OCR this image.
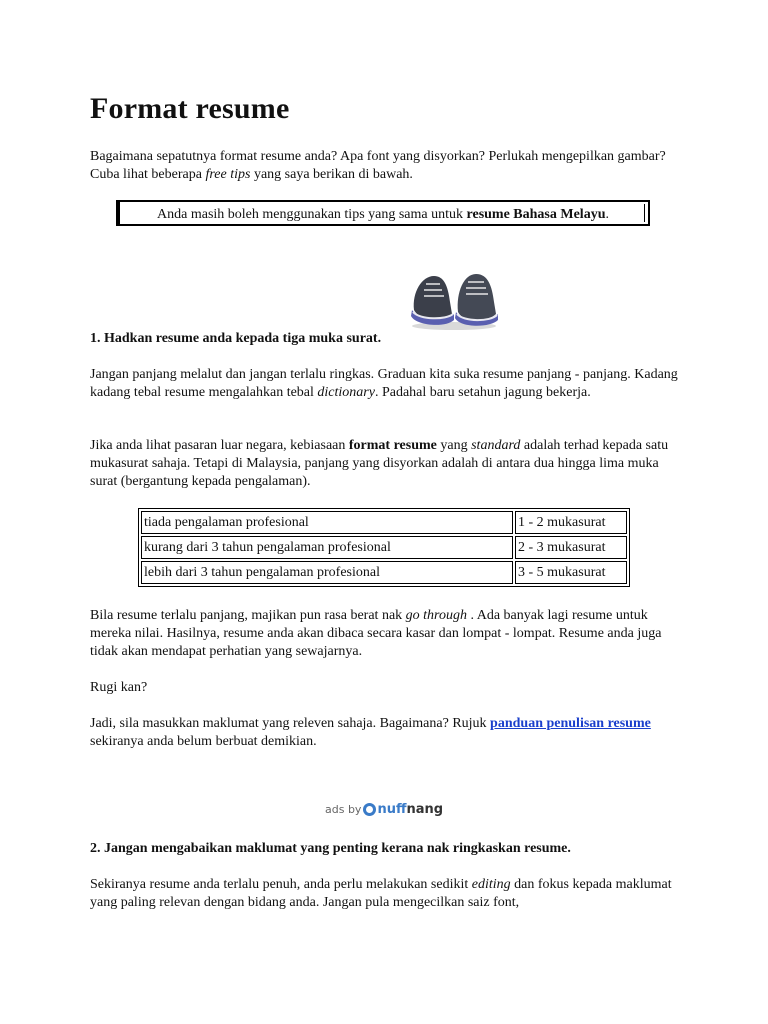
Format resume

Bagaimana sepatutnya format resume anda? Apa font yang disyorkan? Perlukah mengepilkan gambar? Cuba lihat beberapa free tips yang saya berikan di bawah.

Anda masih boleh menggunakan tips yang sama untuk resume Bahasa Melayu.
1. Hadkan resume anda kepada tiga muka surat.

Jangan panjang melalut dan jangan terlalu ringkas. Graduan kita suka resume panjang - panjang. Kadang kadang tebal resume mengalahkan tebal dictionary. Padahal baru setahun jagung bekerja.

Jika anda lihat pasaran luar negara, kebiasaan format resume yang standard adalah terhad kepada satu mukasurat sahaja. Tetapi di Malaysia, panjang yang disyorkan adalah di antara dua hingga lima muka surat (bergantung kepada pengalaman).

tiada pengalaman profesional	1 - 2 mukasurat
kurang dari 3 tahun pengalaman profesional	2 - 3 mukasurat
lebih dari 3 tahun pengalaman profesional	3 - 5 mukasurat

Bila resume terlalu panjang, majikan pun rasa berat nak go through . Ada banyak lagi resume untuk mereka nilai. Hasilnya, resume anda akan dibaca secara kasar dan lompat - lompat. Resume anda juga tidak akan mendapat perhatian yang sewajarnya.

Rugi kan?

Jadi, sila masukkan maklumat yang releven sahaja. Bagaimana? Rujuk panduan penulisan resume sekiranya anda belum berbuat demikian.

ads by nuff nang
2. Jangan mengabaikan maklumat yang penting kerana nak ringkaskan resume.

Sekiranya resume anda terlalu penuh, anda perlu melakukan sedikit editing dan fokus kepada maklumat yang paling relevan dengan bidang anda. Jangan pula mengecilkan saiz font,
